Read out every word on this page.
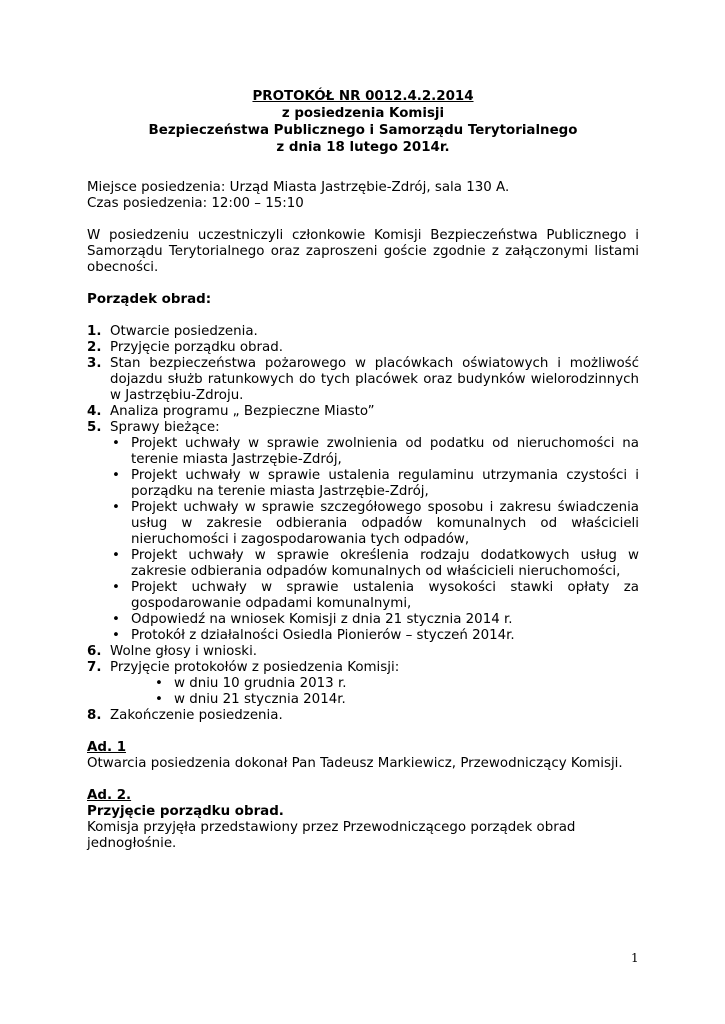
PROTOKÓŁ NR 0012.4.2.2014
z posiedzenia Komisji
Bezpieczeństwa Publicznego i Samorządu Terytorialnego
z dnia 18 lutego 2014r.

Miejsce posiedzenia: Urząd Miasta Jastrzębie-Zdrój, sala 130 A.

Czas posiedzenia: 12:00 – 15:10

W posiedzeniu uczestniczyli członkowie Komisji Bezpieczeństwa Publicznego i Samorządu Terytorialnego oraz zaproszeni goście zgodnie z załączonymi listami obecności.

Porządek obrad:

1. Otwarcie posiedzenia.
2. Przyjęcie porządku obrad.
3. Stan bezpieczeństwa pożarowego w placówkach oświatowych i możliwość dojazdu służb ratunkowych do tych placówek oraz budynków wielorodzinnych w Jastrzębiu-Zdroju.
4. Analiza programu „ Bezpieczne Miasto”
5. Sprawy bieżące:
• Projekt uchwały w sprawie zwolnienia od podatku od nieruchomości na terenie miasta Jastrzębie-Zdrój,
• Projekt uchwały w sprawie ustalenia regulaminu utrzymania czystości i porządku na terenie miasta Jastrzębie-Zdrój,
• Projekt uchwały w sprawie szczegółowego sposobu i zakresu świadczenia usług w zakresie odbierania odpadów komunalnych od właścicieli nieruchomości i zagospodarowania tych odpadów,
• Projekt uchwały w sprawie określenia rodzaju dodatkowych usług w zakresie odbierania odpadów komunalnych od właścicieli nieruchomości,
• Projekt uchwały w sprawie ustalenia wysokości stawki opłaty za gospodarowanie odpadami komunalnymi,
• Odpowiedź na wniosek Komisji z dnia 21 stycznia 2014 r.
• Protokół z działalności Osiedla Pionierów – styczeń 2014r.
6. Wolne głosy i wnioski.
7. Przyjęcie protokołów z posiedzenia Komisji:
• w dniu 10 grudnia 2013 r.
• w dniu 21 stycznia 2014r.
8. Zakończenie posiedzenia.

Ad. 1

Otwarcia posiedzenia dokonał Pan Tadeusz Markiewicz, Przewodniczący Komisji.

Ad. 2.

Przyjęcie porządku obrad.

Komisja przyjęła przedstawiony przez Przewodniczącego porządek obrad

jednogłośnie.

1
